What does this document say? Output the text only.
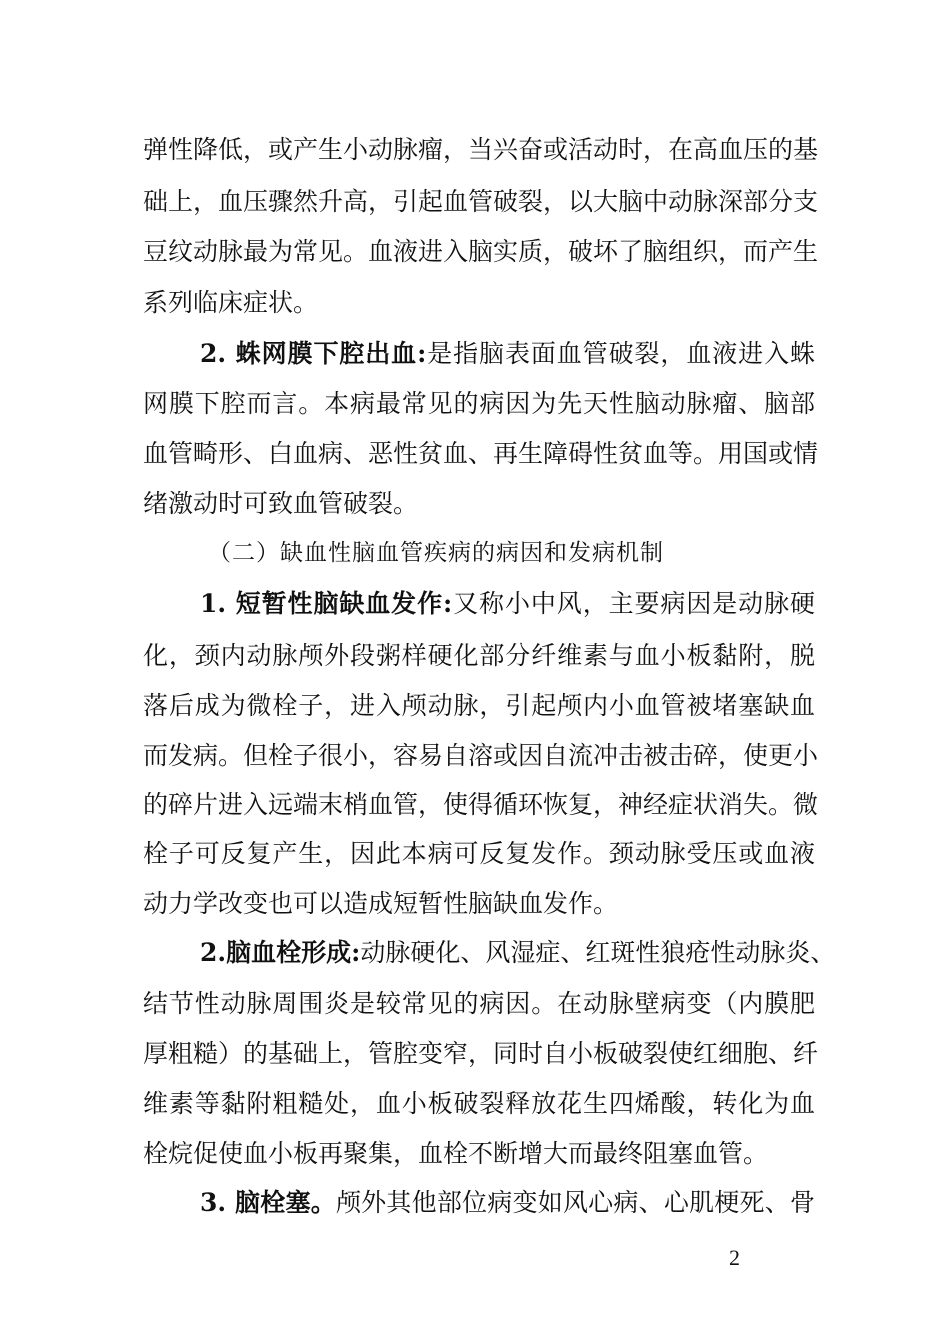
弹性降低，或产生小动脉瘤，当兴奋或活动时，在高血压的基
础上，血压骤然升高，引起血管破裂，以大脑中动脉深部分支
豆纹动脉最为常见。血液进入脑实质，破坏了脑组织，而产生
系列临床症状。
2. 蛛网膜下腔出血:是指脑表面血管破裂，血液进入蛛
网膜下腔而言。本病最常见的病因为先天性脑动脉瘤、脑部
血管畸形、白血病、恶性贫血、再生障碍性贫血等。用国或情
绪激动时可致血管破裂。
（二）缺血性脑血管疾病的病因和发病机制
1. 短暂性脑缺血发作:又称小中风，主要病因是动脉硬
化，颈内动脉颅外段粥样硬化部分纤维素与血小板黏附，脱
落后成为微栓子，进入颅动脉，引起颅内小血管被堵塞缺血
而发病。但栓子很小，容易自溶或因自流冲击被击碎，使更小
的碎片进入远端末梢血管，使得循环恢复，神经症状消失。微
栓子可反复产生，因此本病可反复发作。颈动脉受压或血液
动力学改变也可以造成短暂性脑缺血发作。
2.脑血栓形成:动脉硬化、风湿症、红斑性狼疮性动脉炎、
结节性动脉周围炎是较常见的病因。在动脉壁病变（内膜肥
厚粗糙）的基础上，管腔变窄，同时自小板破裂使红细胞、纤
维素等黏附粗糙处，血小板破裂释放花生四烯酸，转化为血
栓烷促使血小板再聚集，血栓不断增大而最终阻塞血管。
3. 脑栓塞。颅外其他部位病变如风心病、心肌梗死、骨
2
